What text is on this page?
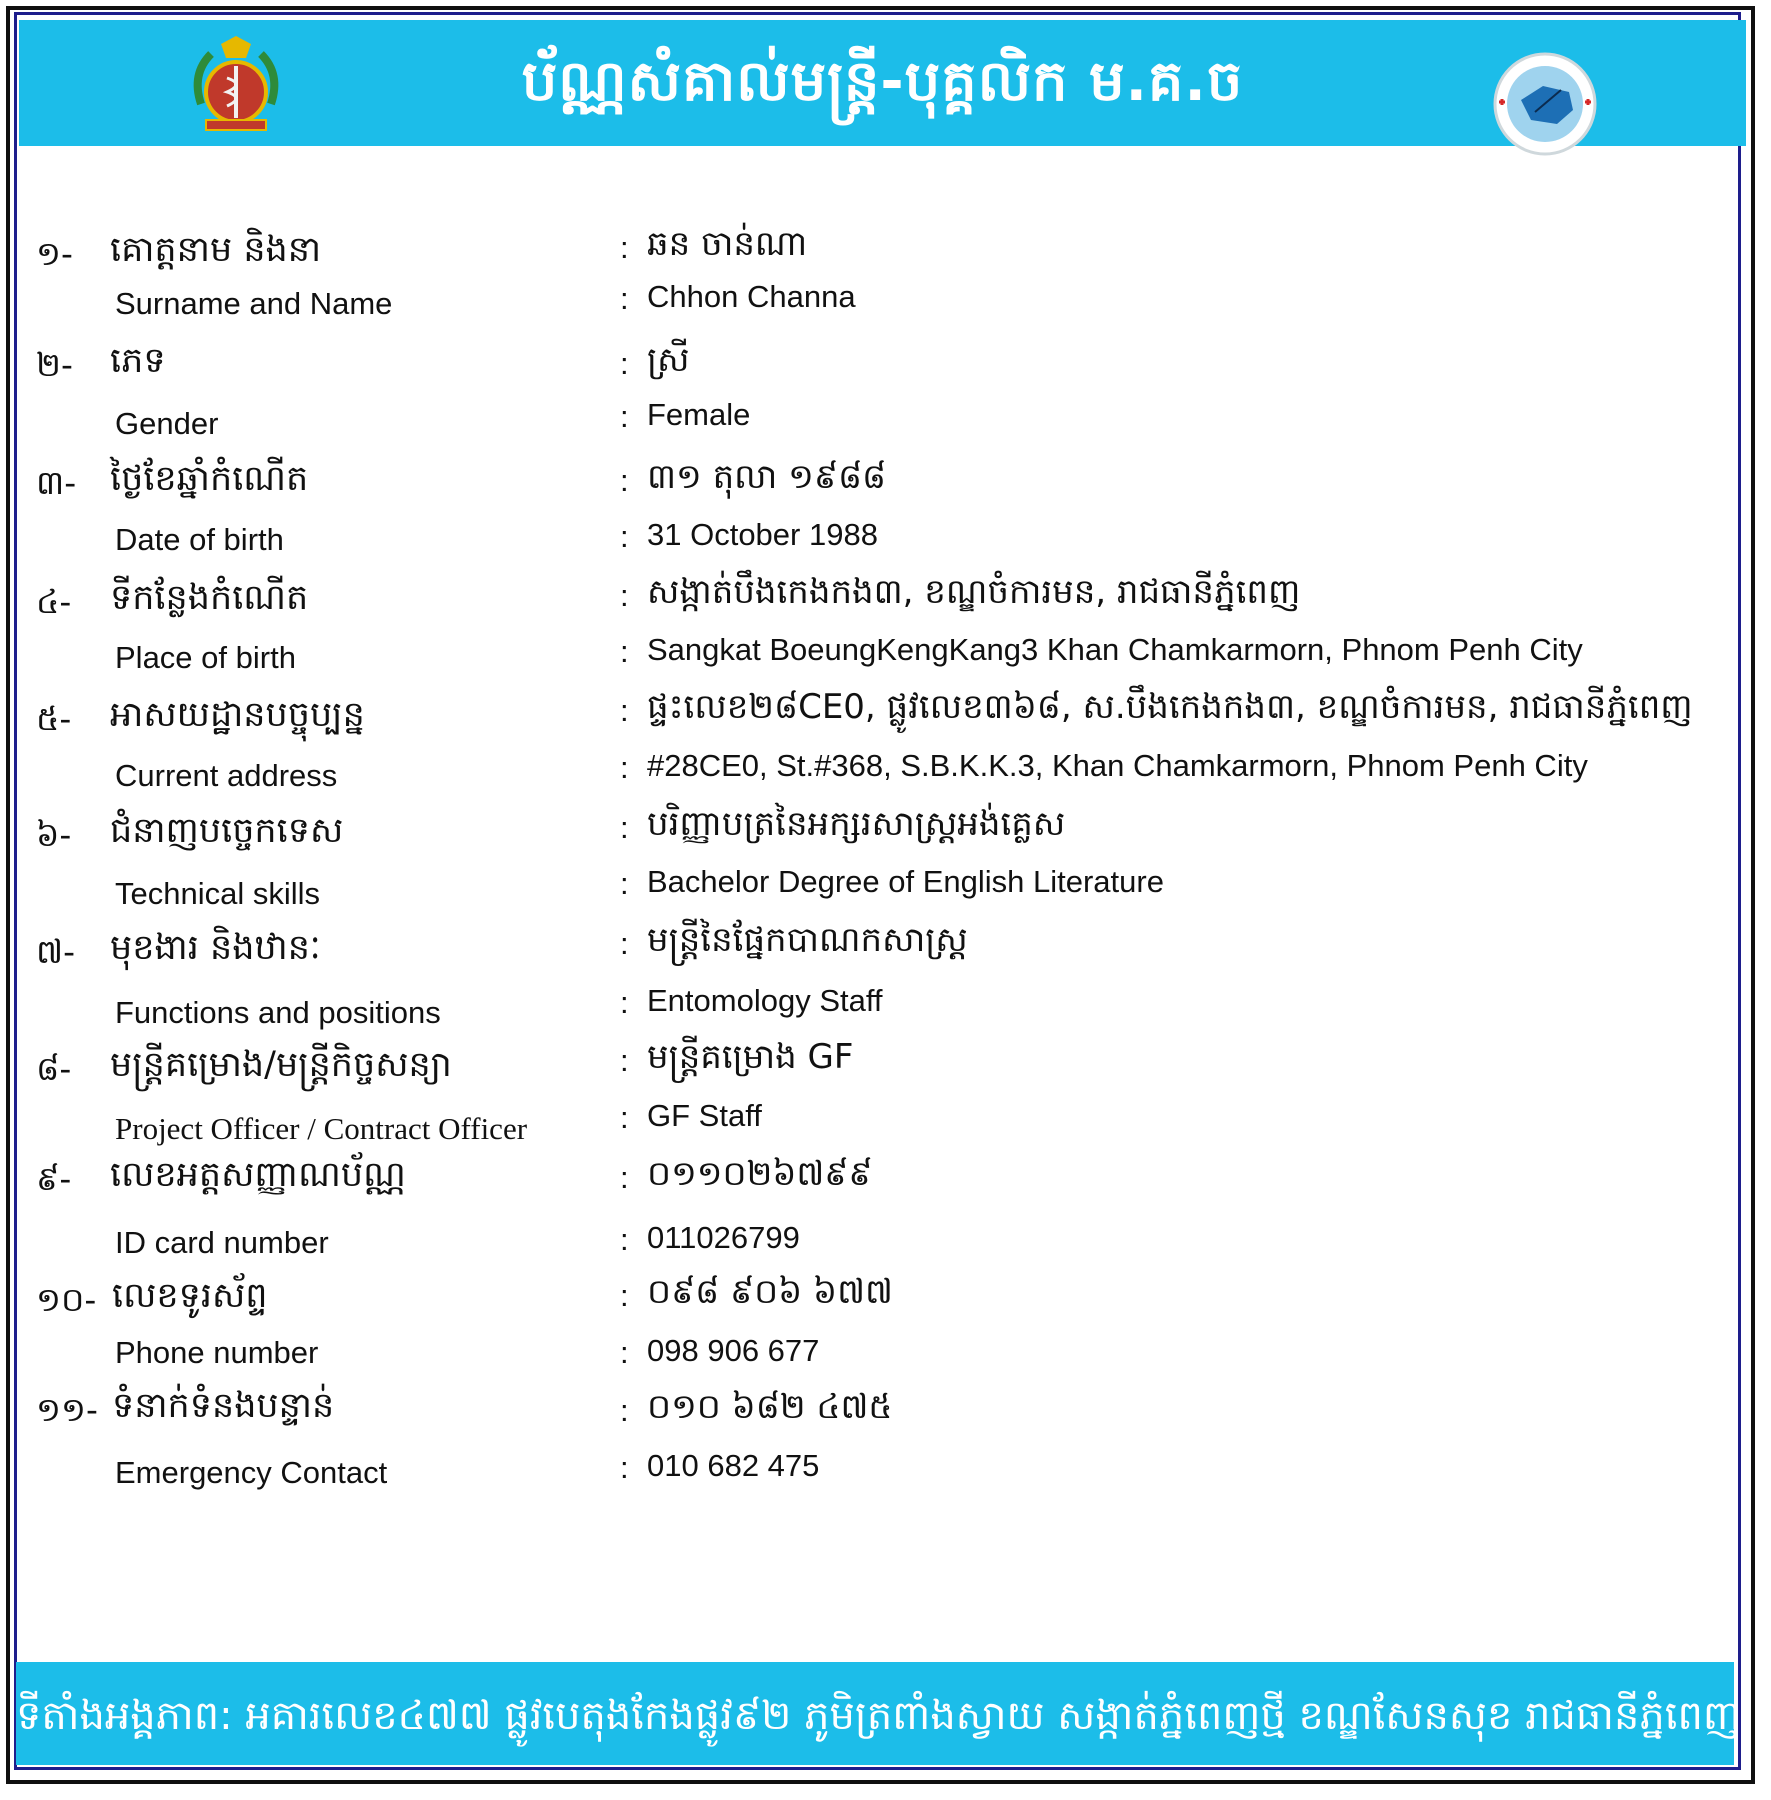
ប័ណ្ណសំគាល់មន្ត្រី-បុគ្គលិក ម.គ.ច
១- គោត្តនាម និងនា
Surname and Name
: ឆន ចាន់ណា
: Chhon Channa
២- ភេទ
Gender
: ស្រី
: Female
៣- ថ្ងៃខែឆ្នាំកំណើត
Date of birth
: ៣១ តុលា ១៩៨៨
: 31 October 1988
៤- ទីកន្លែងកំណើត
Place of birth
: សង្កាត់បឹងកេងកង៣, ខណ្ឌចំការមន, រាជធានីភ្នំពេញ
: Sangkat BoeungKengKang3 Khan Chamkarmorn, Phnom Penh City
៥- អាសយដ្ឋានបច្ចុប្បន្ន
Current address
: ផ្ទះលេខ២៨CE0, ផ្លូវលេខ៣៦៨, ស.បឹងកេងកង៣, ខណ្ឌចំការមន, រាជធានីភ្នំពេញ
: #28CE0, St.#368, S.B.K.K.3, Khan Chamkarmorn, Phnom Penh City
៦- ជំនាញបច្ចេកទេស
Technical skills
: បរិញ្ញាបត្រនៃអក្សរសាស្រ្តអង់គ្លេស
: Bachelor Degree of English Literature
៧- មុខងារ និងឋានៈ
Functions and positions
: មន្ត្រីនៃផ្នែកបាណកសាស្រ្ត
: Entomology Staff
៨- មន្ត្រីគម្រោង/មន្ត្រីកិច្ចសន្យា
Project Officer / Contract Officer
: មន្ត្រីគម្រោង GF
: GF Staff
៩- លេខអត្តសញ្ញាណប័ណ្ណ
ID card number
: ០១១០២៦៧៩៩
: 011026799
១០- លេខទូរស័ព្ទ
Phone number
: ០៩៨ ៩០៦ ៦៧៧
: 098 906 677
១១- ទំនាក់ទំនងបន្ទាន់
Emergency Contact
: ០១០ ៦៨២ ៤៧៥
: 010 682 475
ទីតាំងអង្គភាព: អគារលេខ៤៧៧ ផ្លូវបេតុងកែងផ្លូវ៩២ ភូមិត្រពាំងស្វាយ សង្កាត់ភ្នំពេញថ្មី ខណ្ឌសែនសុខ រាជធានីភ្នំពេញ
